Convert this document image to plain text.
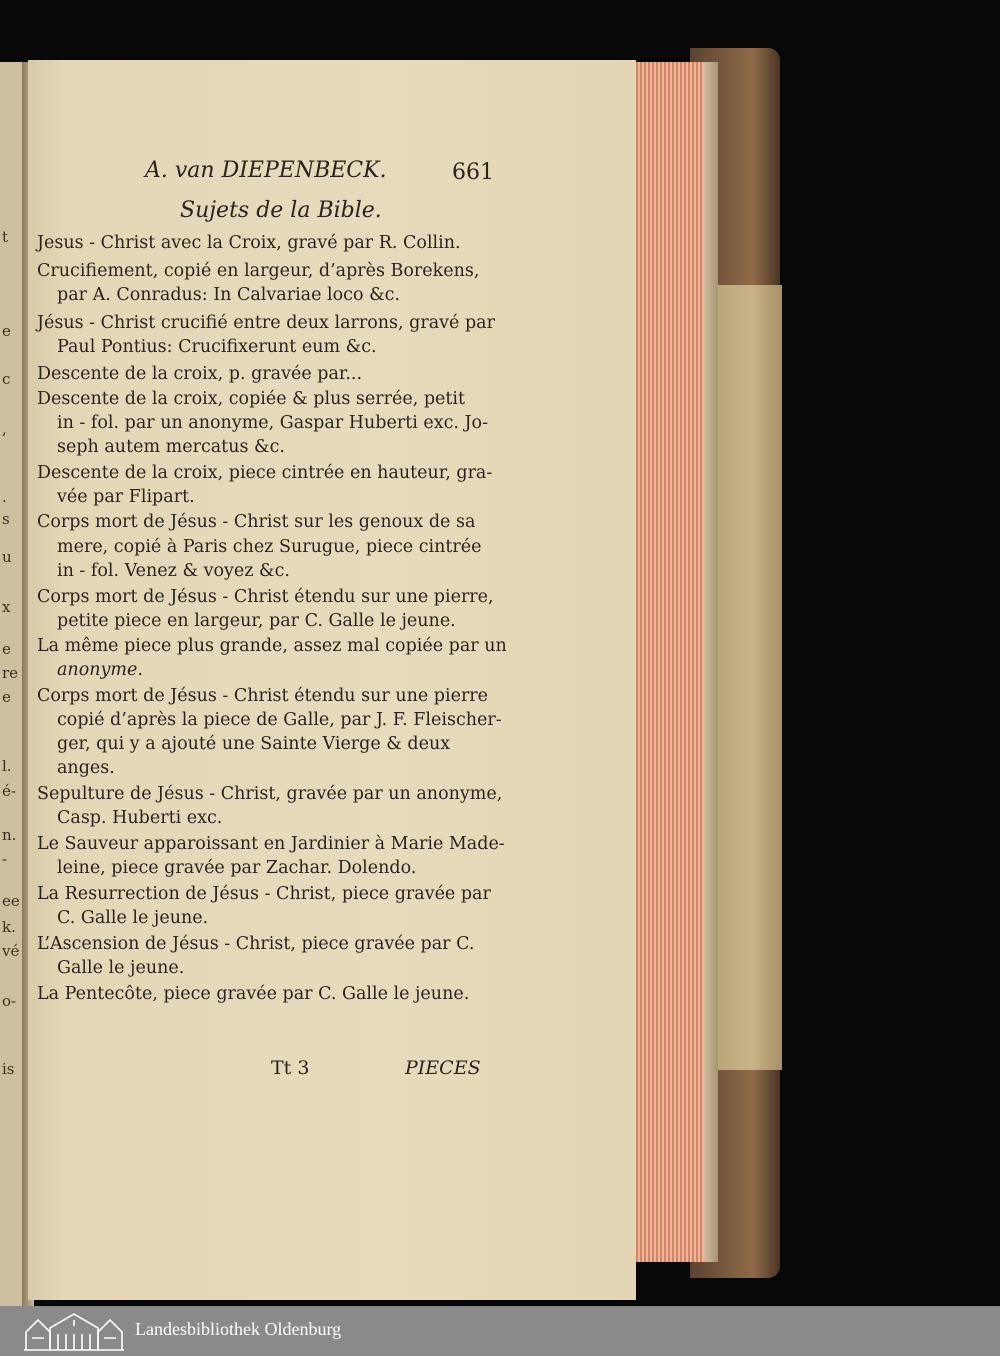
A. van DIEPENBECK.	661
Sujets de la Bible.
Jesus - Christ avec la Croix, gravé par R. Collin.
Crucifiement, copié en largeur, d’après Borekens,
par A. Conradus: In Calvariae loco &c.
Jésus - Christ crucifié entre deux larrons, gravé par
Paul Pontius: Crucifixerunt eum &c.
Descente de la croix, p. gravée par...
Descente de la croix, copiée & plus serrée, petit
in - fol. par un anonyme, Gaspar Huberti exc. Jo-
seph autem mercatus &c.
Descente de la croix, piece cintrée en hauteur, gra-
vée par Flipart.
Corps mort de Jésus - Christ sur les genoux de sa
mere, copié à Paris chez Surugue, piece cintrée
in - fol. Venez & voyez &c.
Corps mort de Jésus - Christ étendu sur une pierre,
petite piece en largeur, par C. Galle le jeune.
La même piece plus grande, assez mal copiée par un
anonyme.
Corps mort de Jésus - Christ étendu sur une pierre
copié d’après la piece de Galle, par J. F. Fleischer-
ger, qui y a ajouté une Sainte Vierge & deux
anges.
Sepulture de Jésus - Christ, gravée par un anonyme,
Casp. Huberti exc.
Le Sauveur apparoissant en Jardinier à Marie Made-
leine, piece gravée par Zachar. Dolendo.
La Resurrection de Jésus - Christ, piece gravée par
C. Galle le jeune.
L’Ascension de Jésus - Christ, piece gravée par C.
Galle le jeune.
La Pentecôte, piece gravée par C. Galle le jeune.
Tt 3	PIECES
t
e
c
,
.
s
u
x
e
re
e
l.
é-
n.
-
ee
k.
vé
o-
is
Landesbibliothek Oldenburg
